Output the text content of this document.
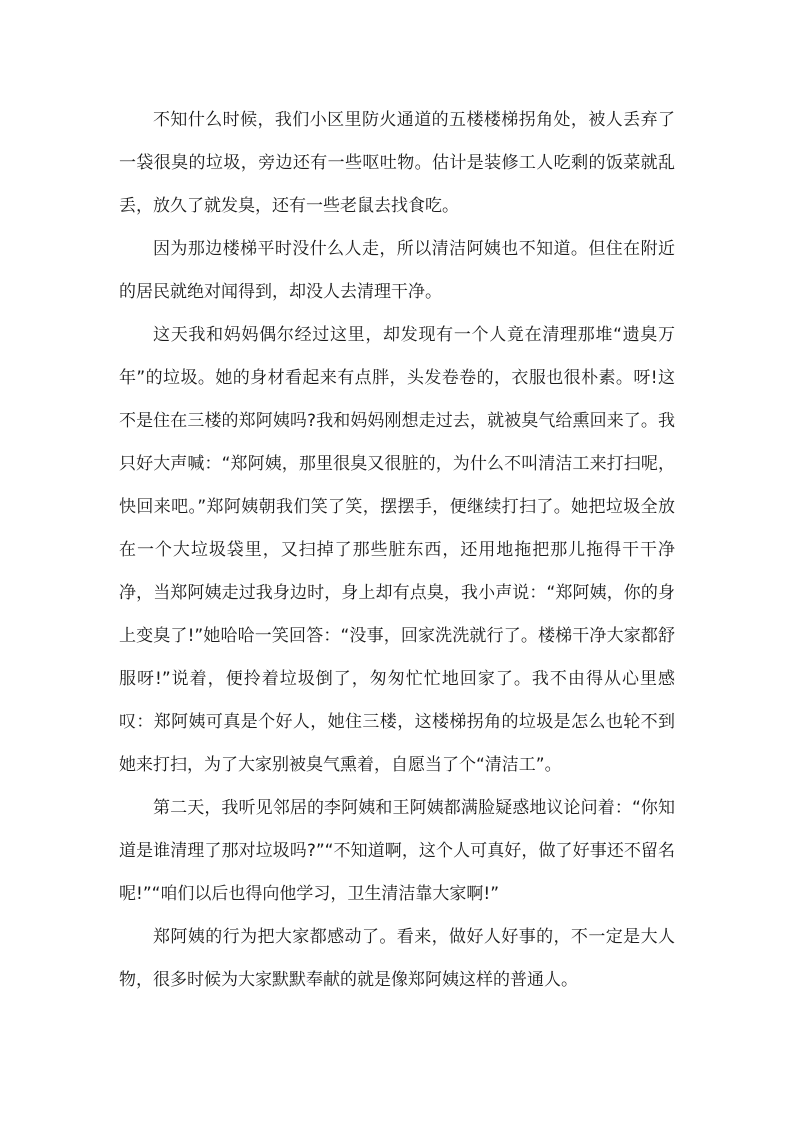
不知什么时候，我们小区里防火通道的五楼楼梯拐角处，被人丢弃了一袋很臭的垃圾，旁边还有一些呕吐物。估计是装修工人吃剩的饭菜就乱丢，放久了就发臭，还有一些老鼠去找食吃。

因为那边楼梯平时没什么人走，所以清洁阿姨也不知道。但住在附近的居民就绝对闻得到，却没人去清理干净。

这天我和妈妈偶尔经过这里，却发现有一个人竟在清理那堆“遗臭万年”的垃圾。她的身材看起来有点胖，头发卷卷的，衣服也很朴素。呀!这不是住在三楼的郑阿姨吗?我和妈妈刚想走过去，就被臭气给熏回来了。我只好大声喊：“郑阿姨，那里很臭又很脏的，为什么不叫清洁工来打扫呢，快回来吧。”郑阿姨朝我们笑了笑，摆摆手，便继续打扫了。她把垃圾全放在一个大垃圾袋里，又扫掉了那些脏东西，还用地拖把那儿拖得干干净净，当郑阿姨走过我身边时，身上却有点臭，我小声说：“郑阿姨，你的身上变臭了!”她哈哈一笑回答：“没事，回家洗洗就行了。楼梯干净大家都舒服呀!”说着，便拎着垃圾倒了，匆匆忙忙地回家了。我不由得从心里感叹：郑阿姨可真是个好人，她住三楼，这楼梯拐角的垃圾是怎么也轮不到她来打扫，为了大家别被臭气熏着，自愿当了个“清洁工”。

第二天，我听见邻居的李阿姨和王阿姨都满脸疑惑地议论问着：“你知道是谁清理了那对垃圾吗?”“不知道啊，这个人可真好，做了好事还不留名呢!”“咱们以后也得向他学习，卫生清洁靠大家啊!”

郑阿姨的行为把大家都感动了。看来，做好人好事的，不一定是大人物，很多时候为大家默默奉献的就是像郑阿姨这样的普通人。
